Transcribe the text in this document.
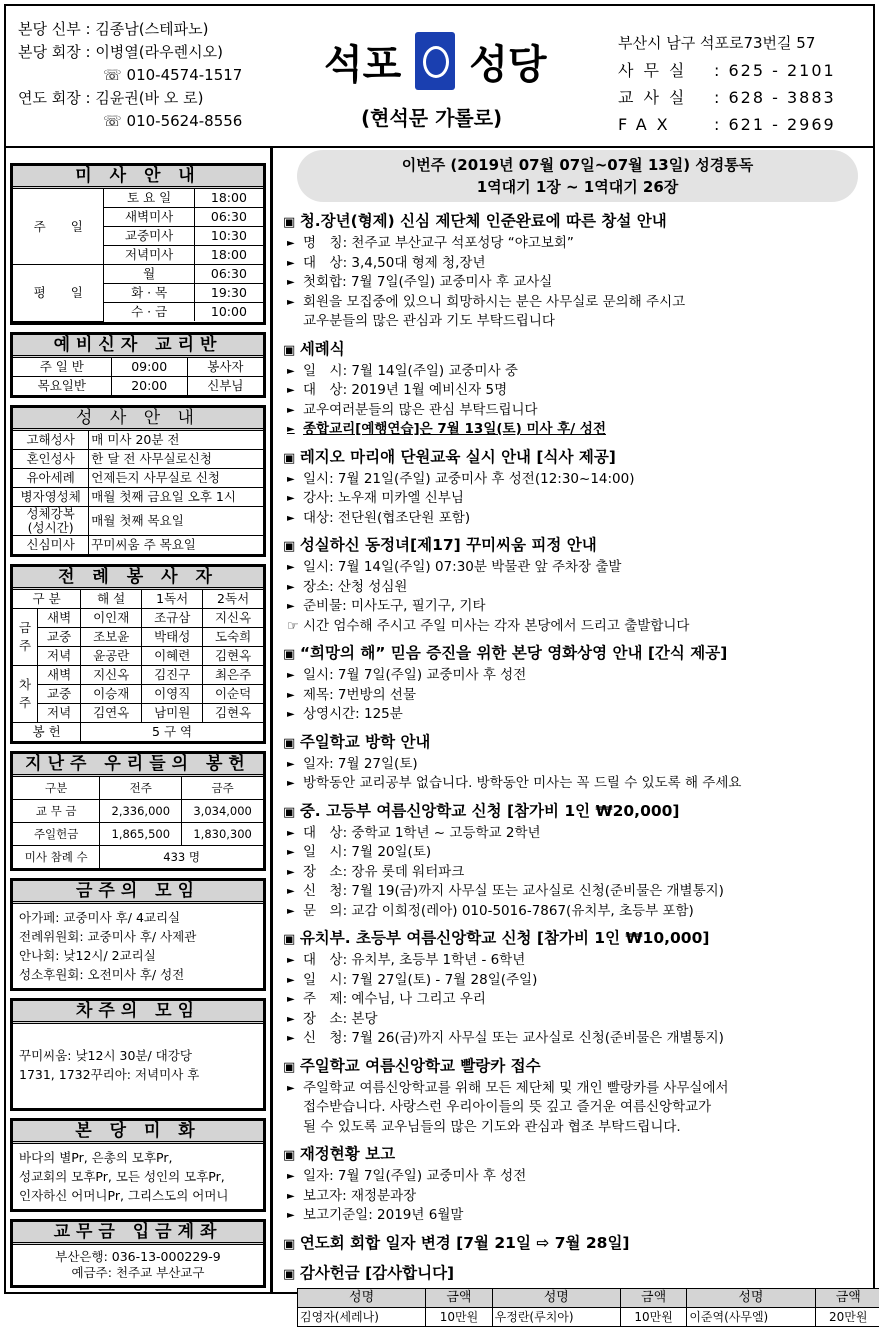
본당 신부 : 김종남(스테파노)
본당 회장 : 이병열(라우렌시오)
☏ 010-4574-1517
연도 회장 : 김윤권(바 오 로)
☏ 010-5624-8556
석포 성당
(현석문 가롤로)
부산시 남구 석포로73번길 57
사무실	: 625 - 2101
교사실	: 628 - 3883
FAX	: 621 - 2969
미 사 안 내
주　　일	토 요 일	18:00
	새벽미사	06:30
	교중미사	10:30
	저녁미사	18:00
평　　일	월	06:30
	화 · 목	19:30
	수 · 금	10:00
예비신자 교리반
주 일 반	09:00	봉사자
목요일반	20:00	신부님
성 사 안 내
고해성사	매 미사 20분 전
혼인성사	한 달 전 사무실로신청
유아세례	언제든지 사무실로 신청
병자영성체	매월 첫째 금요일 오후 1시
성체강복
(성시간)	매월 첫째 목요일
신심미사	꾸미씨움 주 목요일
전 례 봉 사 자
구 분		해 설	1독서	2독서
금
주	새벽	이인재	조규삼	지신옥
	교중	조보윤	박태성	도숙희
	저녁	윤공란	이혜련	김현옥
차
주	새벽	지신옥	김진구	최은주
	교중	이승재	이영직	이순덕
	저녁	김연옥	남미원	김현옥
봉 헌		5 구 역		
지난주 우리들의 봉헌
구분	전주	금주
교 무 금	2,336,000	3,034,000
주일헌금	1,865,500	1,830,300
미사 참례 수	433 명	
금주의 모임
아가페: 교중미사 후/ 4교리실
전례위원회: 교중미사 후/ 사제관
안나회: 낮12시/ 2교리실
성소후원회: 오전미사 후/ 성전
차주의 모임
꾸미씨움: 낮12시 30분/ 대강당
1731, 1732꾸리아: 저녁미사 후
본 당 미 화
바다의 별Pr, 은총의 모후Pr,
성교회의 모후Pr, 모든 성인의 모후Pr,
인자하신 어머니Pr, 그리스도의 어머니
교무금 입금계좌
부산은행: 036-13-000229-9
예금주: 천주교 부산교구
이번주 (2019년 07월 07일~07월 13일) 성경통독
1역대기 1장 ~ 1역대기 26장
▣ 청.장년(형제) 신심 제단체 인준완료에 따른 창설 안내
► 명　칭: 천주교 부산교구 석포성당 “야고보회”
► 대　상: 3,4,50대 형제 청,장년
► 첫회합: 7월 7일(주일) 교중미사 후 교사실
► 회원을 모집중에 있으니 희망하시는 분은 사무실로 문의해 주시고
교우분들의 많은 관심과 기도 부탁드립니다
▣ 세례식
► 일　시: 7월 14일(주일) 교중미사 중
► 대　상: 2019년 1월 예비신자 5명
► 교우여러분들의 많은 관심 부탁드립니다
► 종합교리[예행연습]은 7월 13일(토) 미사 후/ 성전
▣ 레지오 마리애 단원교육 실시 안내 [식사 제공]
► 일시: 7월 21일(주일) 교중미사 후 성전(12:30~14:00)
► 강사: 노우재 미카엘 신부님
► 대상: 전단원(협조단원 포함)
▣ 성실하신 동정녀[제17] 꾸미씨움 피정 안내
► 일시: 7월 14일(주일) 07:30분 박물관 앞 주차장 출발
► 장소: 산청 성심원
► 준비물: 미사도구, 필기구, 기타
☞ 시간 엄수해 주시고 주일 미사는 각자 본당에서 드리고 출발합니다
▣ “희망의 해” 믿음 증진을 위한 본당 영화상영 안내 [간식 제공]
► 일시: 7월 7일(주일) 교중미사 후 성전
► 제목: 7번방의 선물
► 상영시간: 125분
▣ 주일학교 방학 안내
► 일자: 7월 27일(토)
► 방학동안 교리공부 없습니다. 방학동안 미사는 꼭 드릴 수 있도록 해 주세요
▣ 중. 고등부 여름신앙학교 신청 [참가비 1인 ₩20,000]
► 대　상: 중학교 1학년 ~ 고등학교 2학년
► 일　시: 7월 20일(토)
► 장　소: 장유 롯데 워터파크
► 신　청: 7월 19(금)까지 사무실 또는 교사실로 신청(준비물은 개별통지)
► 문　의: 교감 이희정(레아) 010-5016-7867(유치부, 초등부 포함)
▣ 유치부. 초등부 여름신앙학교 신청 [참가비 1인 ₩10,000]
► 대　상: 유치부, 초등부 1학년 - 6학년
► 일　시: 7월 27일(토) - 7월 28일(주일)
► 주　제: 예수님, 나 그리고 우리
► 장　소: 본당
► 신　청: 7월 26(금)까지 사무실 또는 교사실로 신청(준비물은 개별통지)
▣ 주일학교 여름신앙학교 빨랑카 접수
► 주일학교 여름신앙학교를 위해 모든 제단체 및 개인 빨랑카를 사무실에서
접수받습니다. 사랑스런 우리아이들의 뜻 깊고 즐거운 여름신앙학교가
될 수 있도록 교우님들의 많은 기도와 관심과 협조 부탁드립니다.
▣ 재정현황 보고
► 일자: 7월 7일(주일) 교중미사 후 성전
► 보고자: 재정분과장
► 보고기준일: 2019년 6월말
▣ 연도회 회합 일자 변경 [7월 21일 ⇨ 7월 28일]
▣ 감사헌금 [감사합니다]
성명	금액	성명	금액	성명	금액
김영자(세레나)	10만원	우정란(루치아)	10만원	이준역(사무엘)	20만원
